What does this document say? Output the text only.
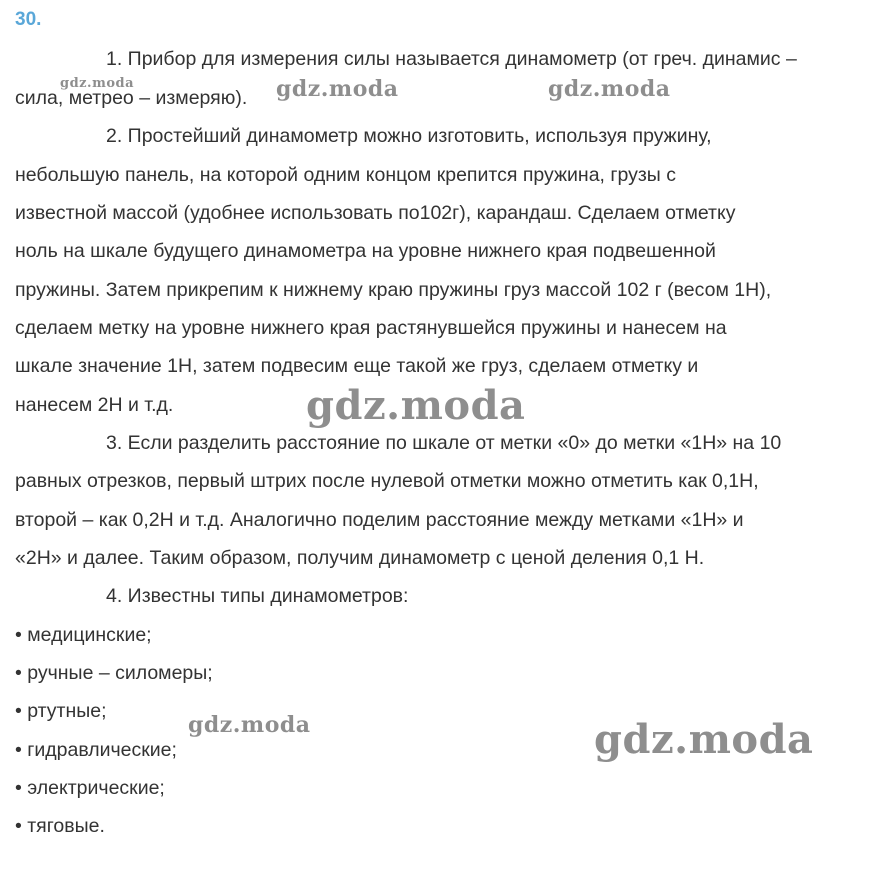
30.
1. Прибор для измерения силы называется динамометр (от греч. динамис –
сила, метрео – измеряю).
2. Простейший динамометр можно изготовить, используя пружину,
небольшую панель, на которой одним концом крепится пружина, грузы с
известной массой (удобнее использовать по102г), карандаш. Сделаем отметку
ноль на шкале будущего динамометра на уровне нижнего края подвешенной
пружины. Затем прикрепим к нижнему краю пружины груз массой 102 г (весом 1Н),
сделаем метку на уровне нижнего края растянувшейся пружины и нанесем на
шкале значение 1Н, затем подвесим еще такой же груз, сделаем отметку и
нанесем 2Н и т.д.
3. Если разделить расстояние по шкале от метки «0» до метки «1Н» на 10
равных отрезков, первый штрих после нулевой отметки можно отметить как 0,1Н,
второй – как 0,2Н и т.д. Аналогично поделим расстояние между метками «1Н» и
«2Н» и далее. Таким образом, получим динамометр с ценой деления 0,1 Н.
4. Известны типы динамометров:
• медицинские;
• ручные – силомеры;
• ртутные;
• гидравлические;
• электрические;
• тяговые.
gdz.moda	gdz.moda	gdz.moda
gdz.moda
gdz.moda	gdz.moda
